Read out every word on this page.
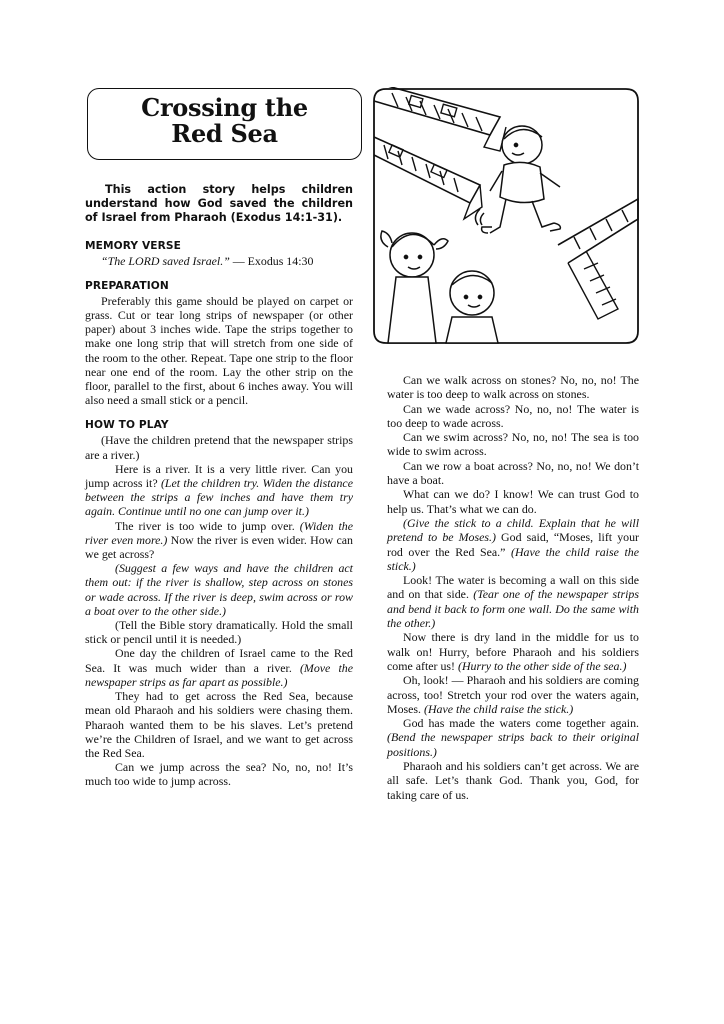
Crossing the
Red Sea

This action story helps children understand how God saved the children of Israel from Pharaoh (Exodus 14:1-31).

MEMORY VERSE

“The LORD saved Israel.” — Exodus 14:30

PREPARATION

Preferably this game should be played on carpet or grass. Cut or tear long strips of newspaper (or other paper) about 3 inches wide. Tape the strips together to make one long strip that will stretch from one side of the room to the other. Repeat. Tape one strip to the floor near one end of the room. Lay the other strip on the floor, parallel to the first, about 6 inches away. You will also need a small stick or a pencil.

HOW TO PLAY

(Have the children pretend that the newspaper strips are a river.)

Here is a river. It is a very little river. Can you jump across it? (Let the children try. Widen the distance between the strips a few inches and have them try again. Continue until no one can jump over it.)

The river is too wide to jump over. (Widen the river even more.) Now the river is even wider. How can we get across?

(Suggest a few ways and have the children act them out: if the river is shallow, step across on stones or wade across. If the river is deep, swim across or row a boat over to the other side.)

(Tell the Bible story dramatically. Hold the small stick or pencil until it is needed.)

One day the children of Israel came to the Red Sea. It was much wider than a river. (Move the newspaper strips as far apart as possible.)

They had to get across the Red Sea, because mean old Pharaoh and his soldiers were chasing them. Pharaoh wanted them to be his slaves. Let’s pretend we’re the Children of Israel, and we want to get across the Red Sea.

Can we jump across the sea? No, no, no! It’s much too wide to jump across.

Can we walk across on stones? No, no, no! The water is too deep to walk across on stones.

Can we wade across? No, no, no! The water is too deep to wade across.

Can we swim across? No, no, no! The sea is too wide to swim across.

Can we row a boat across? No, no, no! We don’t have a boat.

What can we do? I know! We can trust God to help us. That’s what we can do.

(Give the stick to a child. Explain that he will pretend to be Moses.) God said, “Moses, lift your rod over the Red Sea.” (Have the child raise the stick.)

Look! The water is becoming a wall on this side and on that side. (Tear one of the newspaper strips and bend it back to form one wall. Do the same with the other.)

Now there is dry land in the middle for us to walk on! Hurry, before Pharaoh and his soldiers come after us! (Hurry to the other side of the sea.)

Oh, look! — Pharaoh and his soldiers are coming across, too! Stretch your rod over the waters again, Moses. (Have the child raise the stick.)

God has made the waters come together again. (Bend the newspaper strips back to their original positions.)

Pharaoh and his soldiers can’t get across. We are all safe. Let’s thank God. Thank you, God, for taking care of us.
